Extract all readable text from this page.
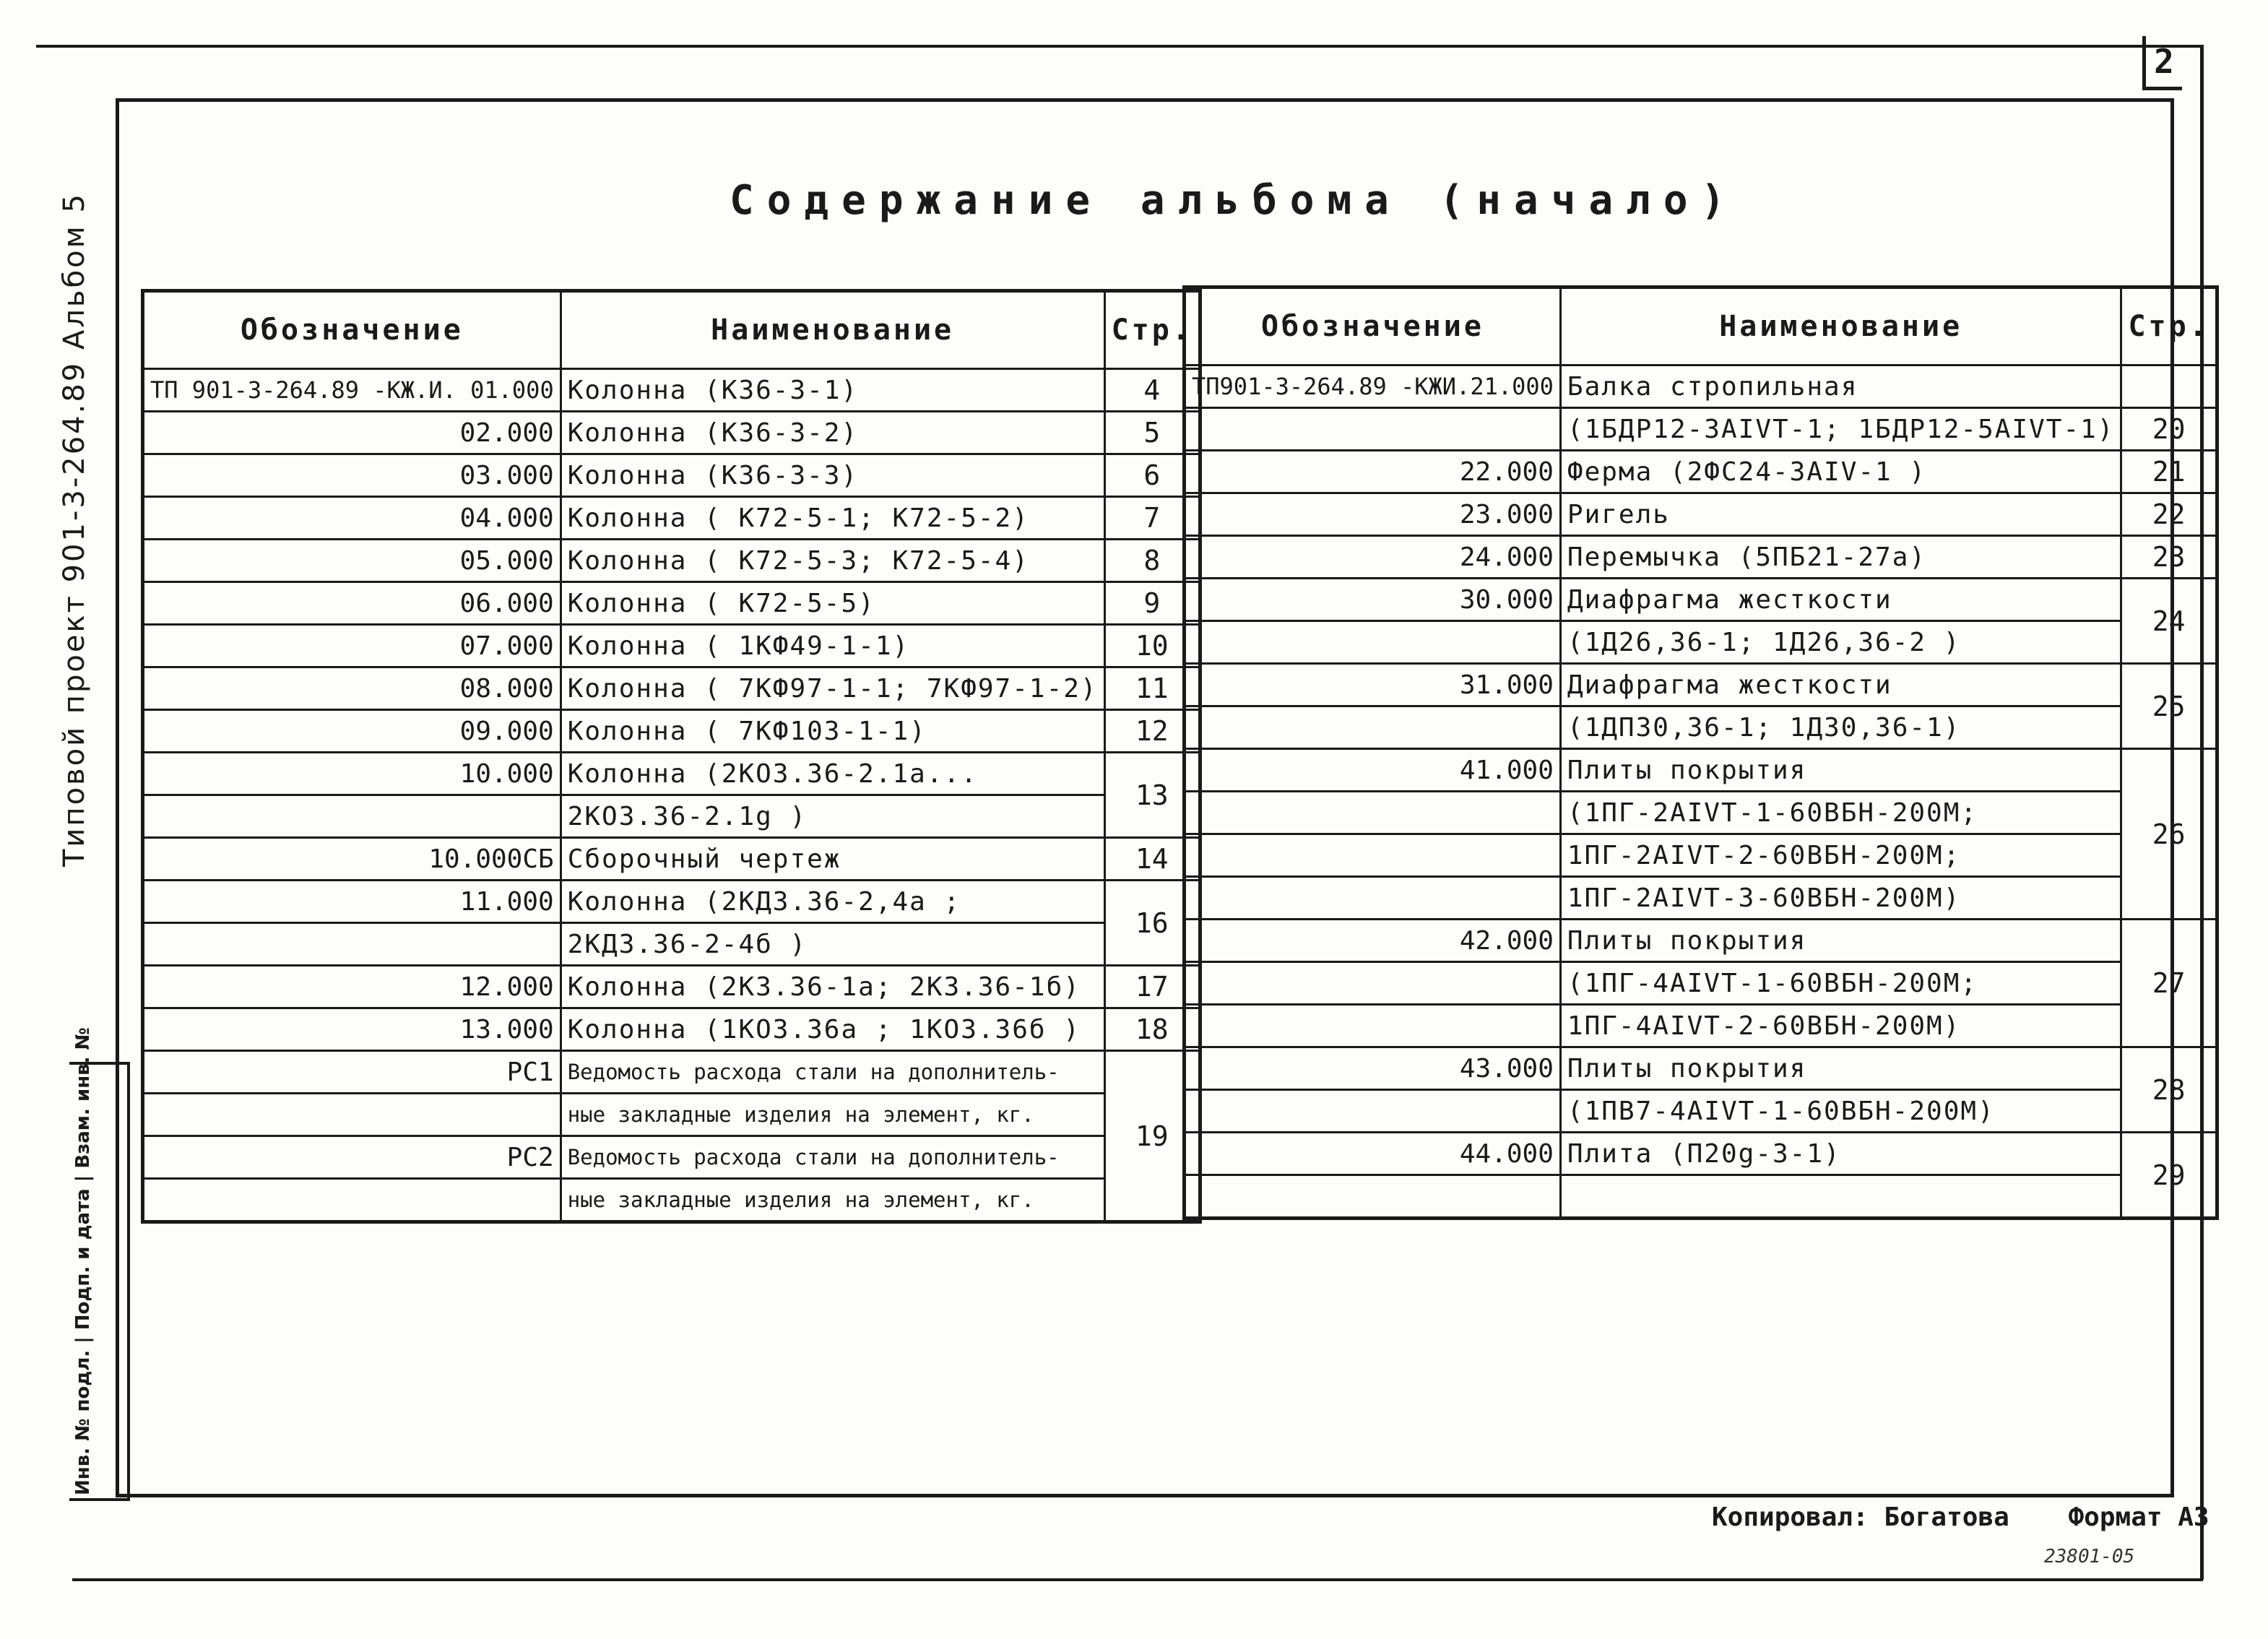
2
Типовой проект 901-3-264.89 Альбом 5
Инв. № подл. | Подп. и дата | Взам. инв. №
Содержание альбома (начало)
Обозначение	Наименование	Стр.
ТП 901-3-264.89 -КЖ.И. 01.000	Колонна (К36-3-1)	4
02.000	Колонна (К36-3-2)	5
03.000	Колонна (К36-3-3)	6
04.000	Колонна ( К72-5-1; К72-5-2)	7
05.000	Колонна ( К72-5-3; К72-5-4)	8
06.000	Колонна ( К72-5-5)	9
07.000	Колонна ( 1КФ49-1-1)	10
08.000	Колонна ( 7КФ97-1-1; 7КФ97-1-2)	11
09.000	Колонна ( 7КФ103-1-1)	12
10.000	Колонна (2КО3.36-2.1а...	13
	2КО3.36-2.1g )	
10.000СБ	Сборочный чертеж	14
11.000	Колонна (2КД3.36-2,4а ;	16
	2КД3.36-2-4б )	
12.000	Колонна (2К3.36-1а; 2К3.36-1б)	17
13.000	Колонна (1КО3.36а ; 1КО3.36б )	18
РС1	Ведомость расхода стали на дополнитель-	19
	ные закладные изделия на элемент, кг.	
РС2	Ведомость расхода стали на дополнитель-	
	ные закладные изделия на элемент, кг.	
Обозначение	Наименование	Стр.
ТП901-3-264.89 -КЖИ.21.000	Балка стропильная	
	(1БДР12-3АIVТ-1; 1БДР12-5АIVТ-1)	20
22.000	Ферма (2ФС24-3АIV-1 )	21
23.000	Ригель	22
24.000	Перемычка (5ПБ21-27а)	23
30.000	Диафрагма жесткости	24
	(1Д26,36-1; 1Д26,36-2 )	
31.000	Диафрагма жесткости	25
	(1ДП30,36-1; 1Д30,36-1)	
41.000	Плиты покрытия	26
	(1ПГ-2АIVТ-1-60ВБН-200М;	
	1ПГ-2АIVТ-2-60ВБН-200М;	
	1ПГ-2АIVТ-3-60ВБН-200М)	
42.000	Плиты покрытия	27
	(1ПГ-4АIVТ-1-60ВБН-200М;	
	1ПГ-4АIVТ-2-60ВБН-200М)	
43.000	Плиты покрытия	28
	(1ПВ7-4АIVТ-1-60ВБН-200М)	
44.000	Плита (П20g-3-1)	29

Копировал: Богатова Формат А3
23801-05
